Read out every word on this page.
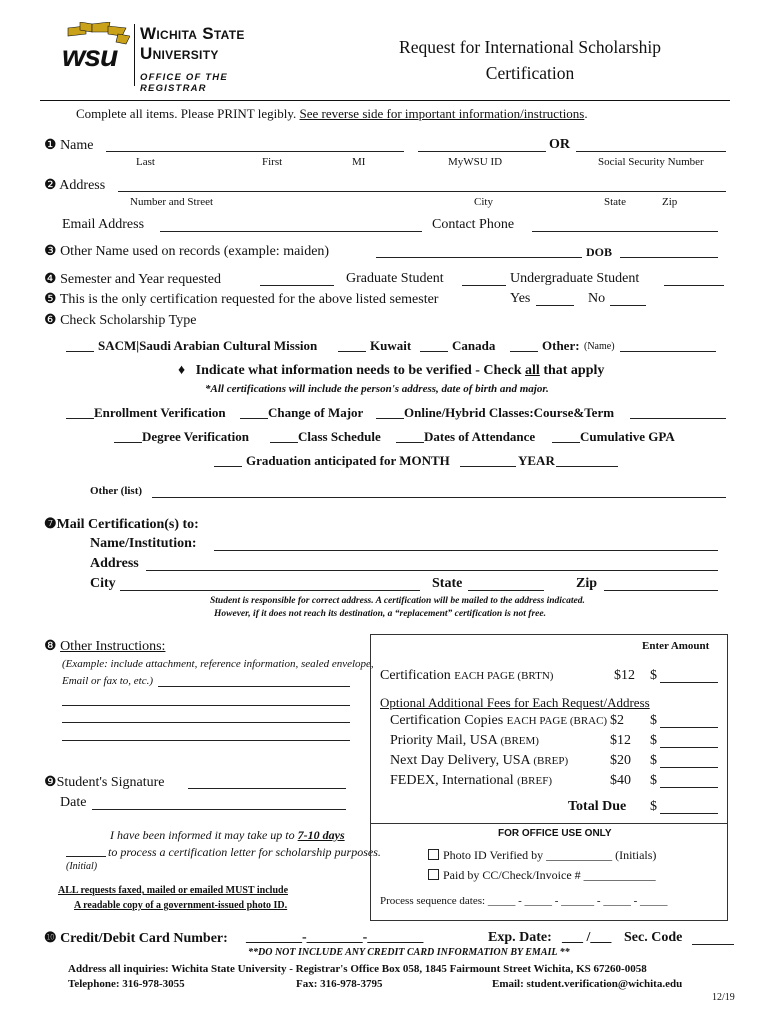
wsu
Wichita State
University
OFFICE OF THE REGISTRAR
Request for International Scholarship
Certification
Complete all items. Please PRINT legibly. See reverse side for important information/instructions.
❶ Name	OR
Last	First	MI	MyWSU ID	Social Security Number
❷ Address
Number and Street	City	State	Zip
Email Address	Contact Phone
❸ Other Name used on records (example: maiden)	DOB
❹ Semester and Year requested	Graduate Student	Undergraduate Student
❺ This is the only certification requested for the above listed semester	Yes	No
❻ Check Scholarship Type
SACM|Saudi Arabian Cultural Mission	Kuwait	Canada	Other: (Name)
♦ Indicate what information needs to be verified - Check all that apply
*All certifications will include the person's address, date of birth and major.
Enrollment Verification	Change of Major	Online/Hybrid Classes:Course&Term
Degree Verification	Class Schedule	Dates of Attendance	Cumulative GPA
Graduation anticipated for MONTH	YEAR
Other (list)
❼Mail Certification(s) to:
Name/Institution:
Address
City	State	Zip
Student is responsible for correct address. A certification will be mailed to the address indicated.
However, if it does not reach its destination, a “replacement” certification is not free.
❽ Other Instructions:
(Example: include attachment, reference information, sealed envelope,
Email or fax to, etc.)
❾Student's Signature
Date
I have been informed it may take up to 7-10 days
to process a certification letter for scholarship purposes.
(Initial)
ALL requests faxed, mailed or emailed MUST include
A readable copy of a government-issued photo ID.
Enter Amount
Certification EACH PAGE (BRTN)	$12 $
Optional Additional Fees for Each Request/Address
Certification Copies EACH PAGE (BRAC) $2 $
Priority Mail, USA (BREM)	$12 $
Next Day Delivery, USA (BREP)	$20 $
FEDEX, International (BREF)	$40 $
Total Due $
FOR OFFICE USE ONLY
Photo ID Verified by ___________ (Initials)
Paid by CC/Check/Invoice # ____________
Process sequence dates: _____ - _____ - ______ - _____ - _____
❿ Credit/Debit Card Number: ________-________-________	Exp. Date: ___ /___ Sec. Code
**DO NOT INCLUDE ANY CREDIT CARD INFORMATION BY EMAIL **
Address all inquiries: Wichita State University - Registrar's Office Box 058, 1845 Fairmount Street Wichita, KS 67260-0058
Telephone: 316-978-3055	Fax: 316-978-3795	Email: student.verification@wichita.edu
12/19
